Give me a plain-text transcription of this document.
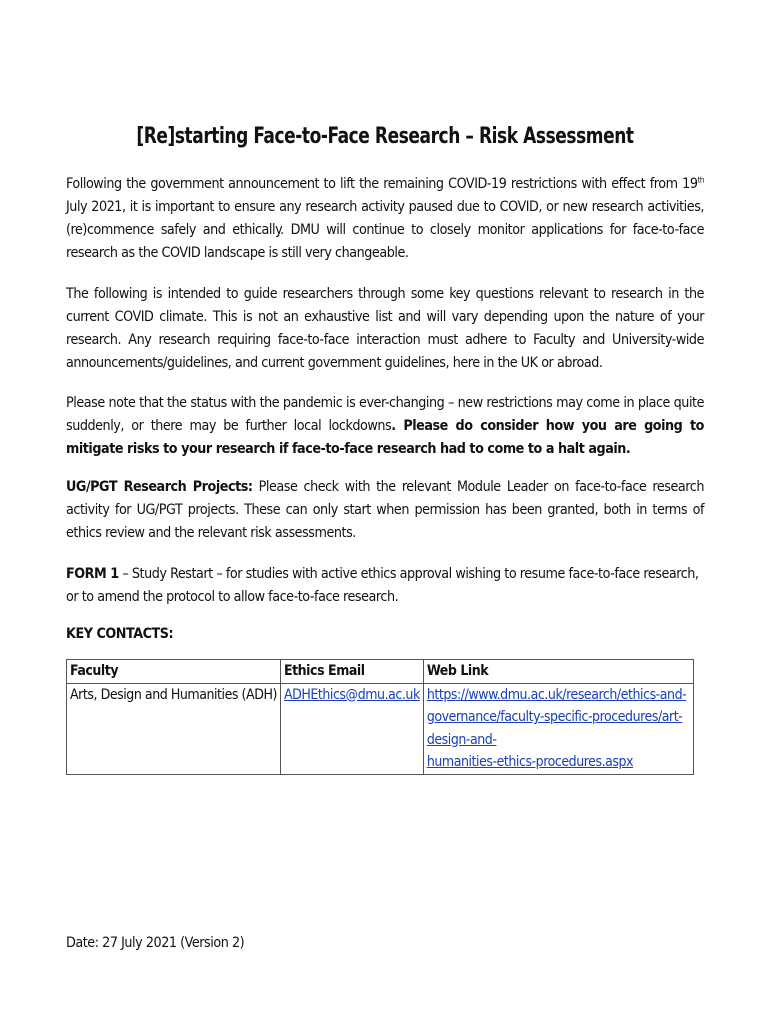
[Re]starting Face-to-Face Research – Risk Assessment

Following the government announcement to lift the remaining COVID-19 restrictions with effect from 19th July 2021, it is important to ensure any research activity paused due to COVID, or new research activities, (re)commence safely and ethically. DMU will continue to closely monitor applications for face-to-face research as the COVID landscape is still very changeable.

The following is intended to guide researchers through some key questions relevant to research in the current COVID climate. This is not an exhaustive list and will vary depending upon the nature of your research. Any research requiring face-to-face interaction must adhere to Faculty and University-wide announcements/guidelines, and current government guidelines, here in the UK or abroad.

Please note that the status with the pandemic is ever-changing – new restrictions may come in place quite suddenly, or there may be further local lockdowns. Please do consider how you are going to mitigate risks to your research if face-to-face research had to come to a halt again.

UG/PGT Research Projects: Please check with the relevant Module Leader on face-to-face research activity for UG/PGT projects. These can only start when permission has been granted, both in terms of ethics review and the relevant risk assessments.

FORM 1 – Study Restart – for studies with active ethics approval wishing to resume face-to-face research, or to amend the protocol to allow face-to-face research.

KEY CONTACTS:

Faculty	Ethics Email	Web Link
Arts, Design and Humanities (ADH)	ADHEthics@dmu.ac.uk	https://www.dmu.ac.uk/research/ethics-and-
governance/faculty-specific-procedures/art-design-and-
humanities-ethics-procedures.aspx
Date: 27 July 2021 (Version 2)
